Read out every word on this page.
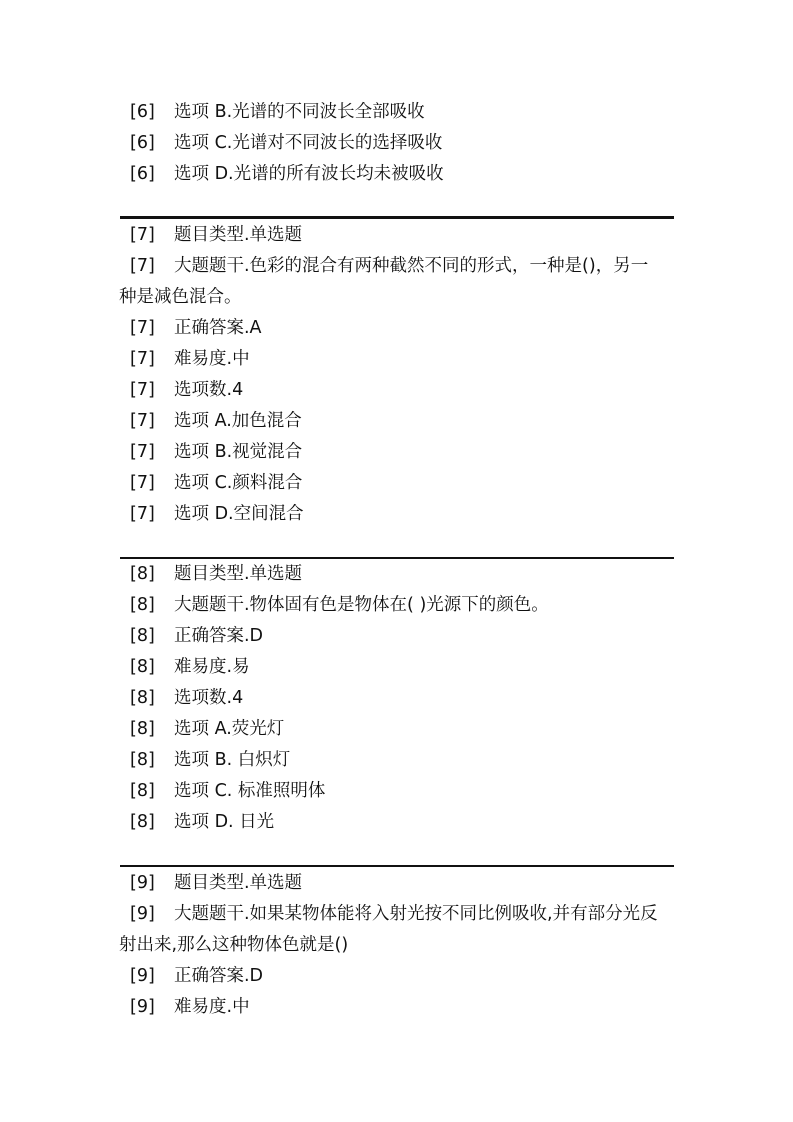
[6] 选项 B.光谱的不同波长全部吸收
[6] 选项 C.光谱对不同波长的选择吸收
[6] 选项 D.光谱的所有波长均未被吸收
[7] 题目类型.单选题
[7] 大题题干.色彩的混合有两种截然不同的形式，一种是()，另一
种是减色混合。
[7] 正确答案.A
[7] 难易度.中
[7] 选项数.4
[7] 选项 A.加色混合
[7] 选项 B.视觉混合
[7] 选项 C.颜料混合
[7] 选项 D.空间混合
[8] 题目类型.单选题
[8] 大题题干.物体固有色是物体在( )光源下的颜色。
[8] 正确答案.D
[8] 难易度.易
[8] 选项数.4
[8] 选项 A.荧光灯
[8] 选项 B. 白炽灯
[8] 选项 C. 标准照明体
[8] 选项 D. 日光
[9] 题目类型.单选题
[9] 大题题干.如果某物体能将入射光按不同比例吸收,并有部分光反
射出来,那么这种物体色就是()
[9] 正确答案.D
[9] 难易度.中
